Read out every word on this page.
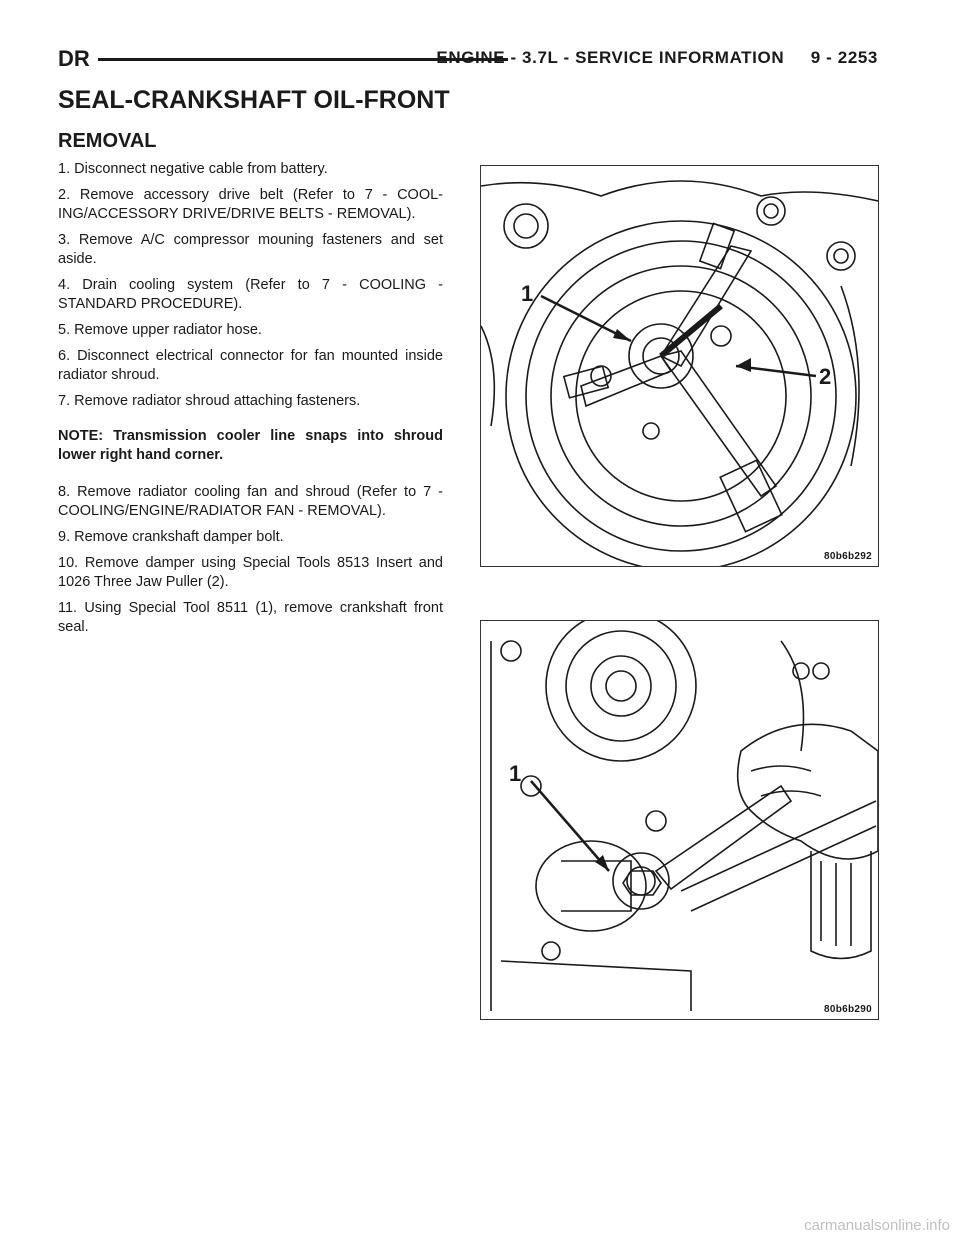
DR	ENGINE - 3.7L - SERVICE INFORMATION     9 - 2253
SEAL-CRANKSHAFT OIL-FRONT
REMOVAL
1. Disconnect negative cable from battery.
2. Remove accessory drive belt (Refer to 7 - COOL- ING/ACCESSORY DRIVE/DRIVE BELTS - REMOVAL).
3. Remove A/C compressor mouning fasteners and set aside.
4. Drain cooling system (Refer to 7 - COOLING - STANDARD PROCEDURE).
5. Remove upper radiator hose.
6. Disconnect electrical connector for fan mounted inside radiator shroud.
7. Remove radiator shroud attaching fasteners.
NOTE: Transmission cooler line snaps into shroud lower right hand corner.
8. Remove radiator cooling fan and shroud (Refer to 7 - COOLING/ENGINE/RADIATOR FAN - REMOVAL).
9. Remove crankshaft damper bolt.
10. Remove damper using Special Tools 8513 Insert and 1026 Three Jaw Puller (2).
11. Using Special Tool 8511 (1), remove crankshaft front seal.
1
2
80b6b292
1
80b6b290
carmanualsonline.info
